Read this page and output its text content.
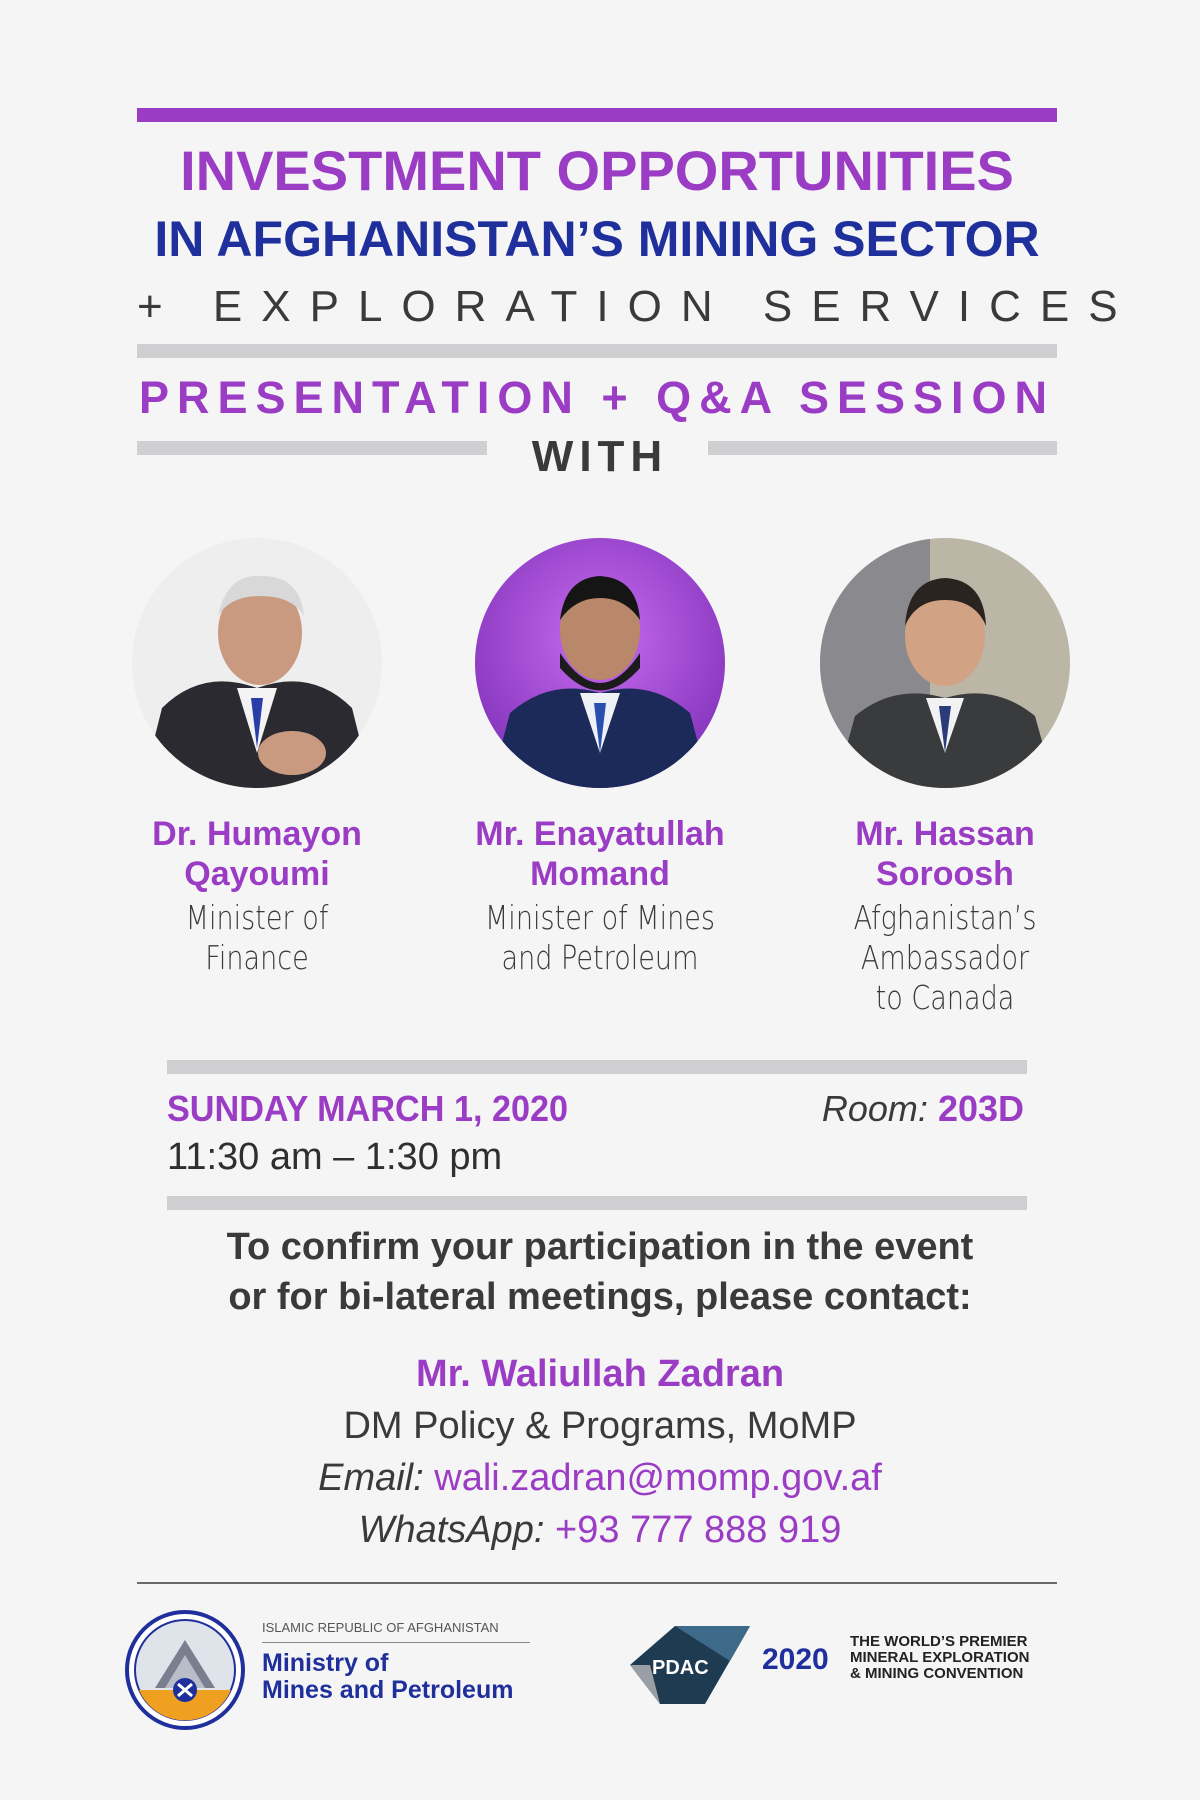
INVESTMENT OPPORTUNITIES
IN AFGHANISTAN’S MINING SECTOR
+ EXPLORATION SERVICES
PRESENTATION + Q&A SESSION
WITH
Dr. Humayon
Qayoumi
Minister of
Finance
Mr. Enayatullah
Momand
Minister of Mines
and Petroleum
Mr. Hassan
Soroosh
Afghanistan’s
Ambassador
to Canada
SUNDAY MARCH 1, 2020
11:30 am – 1:30 pm
Room: 203D
To confirm your participation in the event
or for bi-lateral meetings, please contact:
Mr. Waliullah Zadran
DM Policy & Programs, MoMP
Email: wali.zadran@momp.gov.af
WhatsApp: +93 777 888 919
ISLAMIC REPUBLIC OF AFGHANISTAN
Ministry of
Mines and Petroleum
PDAC 2020
THE WORLD’S PREMIER
MINERAL EXPLORATION
& MINING CONVENTION
